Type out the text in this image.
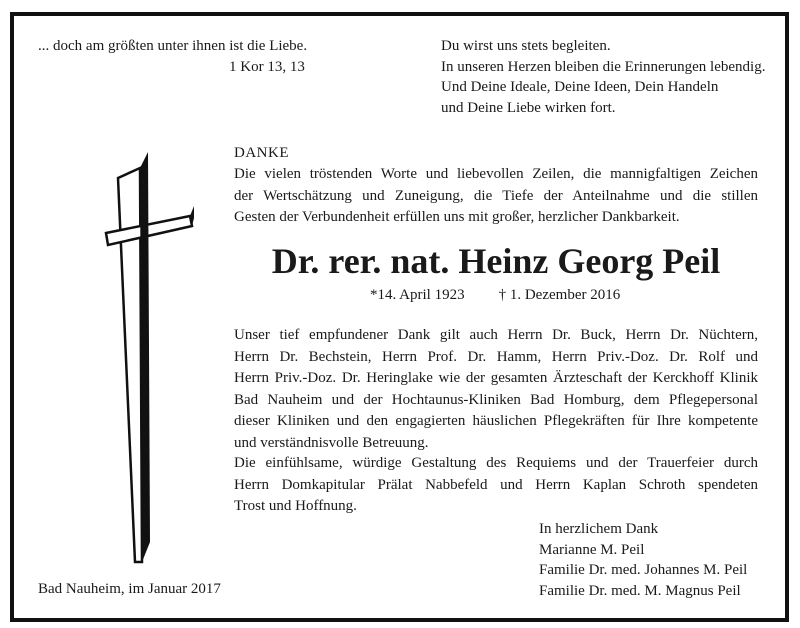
... doch am größten unter ihnen ist die Liebe.
1 Kor 13, 13
Du wirst uns stets begleiten.
In unseren Herzen bleiben die Erinnerungen lebendig.
Und Deine Ideale, Deine Ideen, Dein Handeln
und Deine Liebe wirken fort.
DANKE
Die vielen tröstenden Worte und liebevollen Zeilen, die mannigfaltigen Zeichen
der Wertschätzung und Zuneigung, die Tiefe der Anteilnahme und die stillen
Gesten der Verbundenheit erfüllen uns mit großer, herzlicher Dankbarkeit.
Dr. rer. nat. Heinz Georg Peil
*14. April 1923 † 1. Dezember 2016
Unser tief empfundener Dank gilt auch Herrn Dr. Buck, Herrn Dr. Nüchtern,
Herrn Dr. Bechstein, Herrn Prof. Dr. Hamm, Herrn Priv.-Doz. Dr. Rolf und
Herrn Priv.-Doz. Dr. Heringlake wie der gesamten Ärzteschaft der Kerckhoff Klinik
Bad Nauheim und der Hochtaunus-Kliniken Bad Homburg, dem Pflegepersonal
dieser Kliniken und den engagierten häuslichen Pflegekräften für Ihre kompetente
und verständnisvolle Betreuung.
Die einfühlsame, würdige Gestaltung des Requiems und der Trauerfeier durch
Herrn Domkapitular Prälat Nabbefeld und Herrn Kaplan Schroth spendeten
Trost und Hoffnung.
In herzlichem Dank
Marianne M. Peil
Familie Dr. med. Johannes M. Peil
Familie Dr. med. M. Magnus Peil
Bad Nauheim, im Januar 2017
